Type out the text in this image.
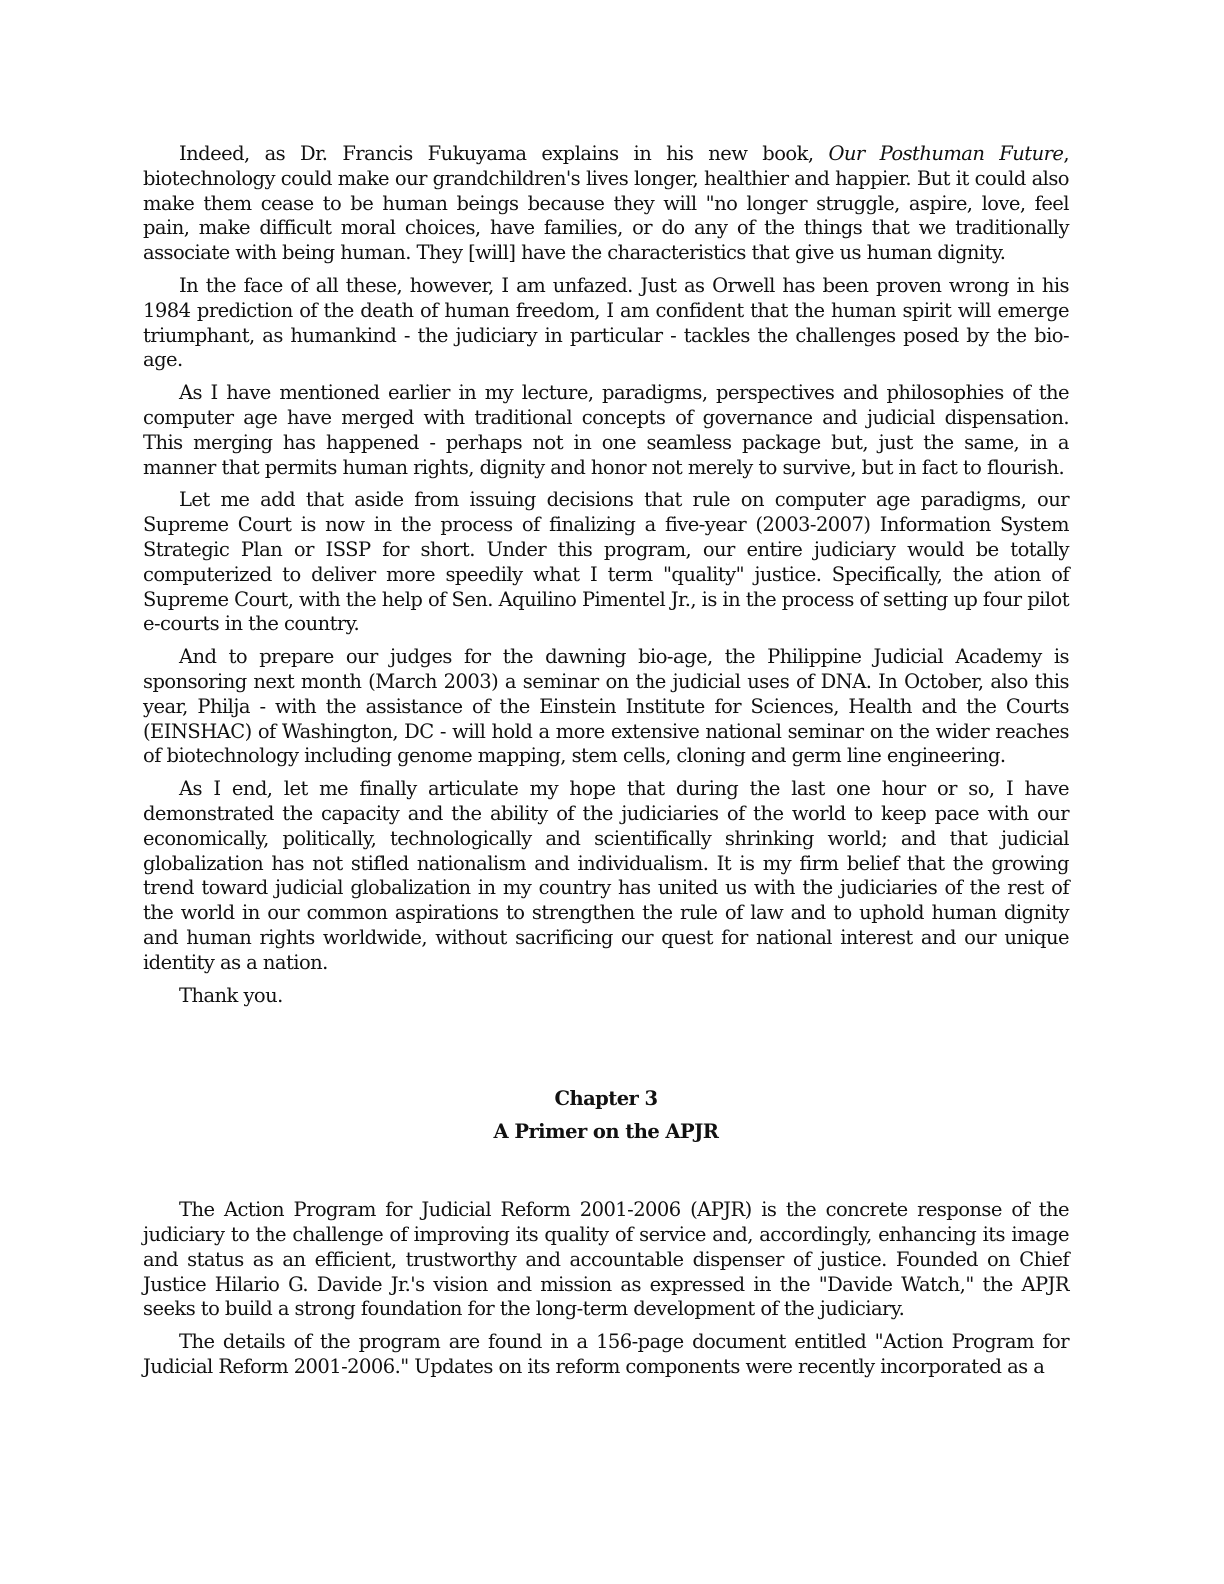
Indeed, as Dr. Francis Fukuyama explains in his new book, Our Posthuman Future, biotechnology could make our grandchildren's lives longer, healthier and happier. But it could also make them cease to be human beings because they will "no longer struggle, aspire, love, feel pain, make difficult moral choices, have families, or do any of the things that we traditionally associate with being human. They [will] have the characteristics that give us human dignity.

In the face of all these, however, I am unfazed. Just as Orwell has been proven wrong in his 1984 prediction of the death of human freedom, I am confident that the human spirit will emerge triumphant, as humankind - the judiciary in particular - tackles the challenges posed by the bio-age.

As I have mentioned earlier in my lecture, paradigms, perspectives and philosophies of the computer age have merged with traditional concepts of governance and judicial dispensation. This merging has happened - perhaps not in one seamless package but, just the same, in a manner that permits human rights, dignity and honor not merely to survive, but in fact to flourish.

Let me add that aside from issuing decisions that rule on computer age paradigms, our Supreme Court is now in the process of finalizing a five-year (2003-2007) Information System Strategic Plan or ISSP for short. Under this program, our entire judiciary would be totally computerized to deliver more speedily what I term "quality" justice. Specifically, the ation of Supreme Court, with the help of Sen. Aquilino Pimentel Jr., is in the process of setting up four pilot e-courts in the country.

And to prepare our judges for the dawning bio-age, the Philippine Judicial Academy is sponsoring next month (March 2003) a seminar on the judicial uses of DNA. In October, also this year, Philja - with the assistance of the Einstein Institute for Sciences, Health and the Courts (EINSHAC) of Washington, DC - will hold a more extensive national seminar on the wider reaches of biotechnology including genome mapping, stem cells, cloning and germ line engineering.

As I end, let me finally articulate my hope that during the last one hour or so, I have demonstrated the capacity and the ability of the judiciaries of the world to keep pace with our economically, politically, technologically and scientifically shrinking world; and that judicial globalization has not stifled nationalism and individualism. It is my firm belief that the growing trend toward judicial globalization in my country has united us with the judiciaries of the rest of the world in our common aspirations to strengthen the rule of law and to uphold human dignity and human rights worldwide, without sacrificing our quest for national interest and our unique identity as a nation.

Thank you.

Chapter 3

A Primer on the APJR

The Action Program for Judicial Reform 2001-2006 (APJR) is the concrete response of the judiciary to the challenge of improving its quality of service and, accordingly, enhancing its image and status as an efficient, trustworthy and accountable dispenser of justice. Founded on Chief Justice Hilario G. Davide Jr.'s vision and mission as expressed in the "Davide Watch," the APJR seeks to build a strong foundation for the long-term development of the judiciary.

The details of the program are found in a 156-page document entitled "Action Program for Judicial Reform 2001-2006." Updates on its reform components were recently incorporated as a
